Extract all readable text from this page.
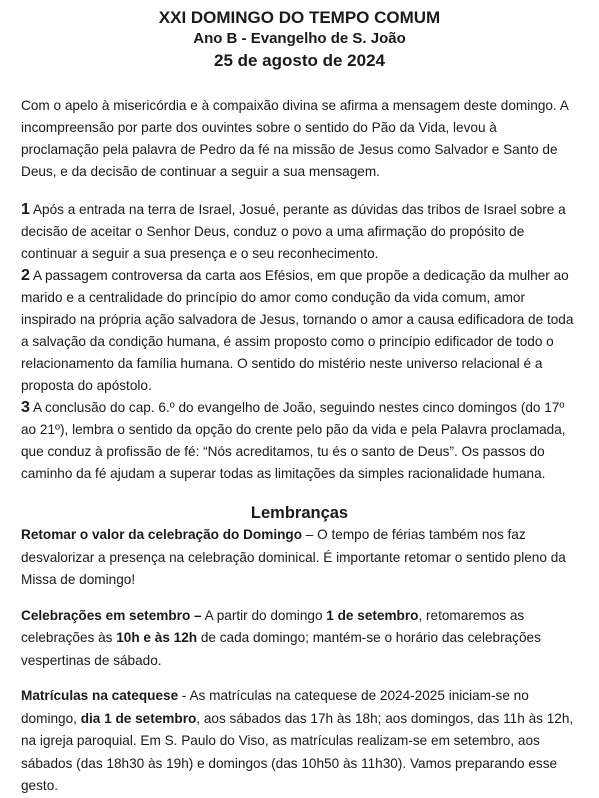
XXI DOMINGO DO TEMPO COMUM
Ano B - Evangelho de S. João
25 de agosto de 2024

Com o apelo à misericórdia e à compaixão divina se afirma a mensagem deste domingo. A incompreensão por parte dos ouvintes sobre o sentido do Pão da Vida, levou à proclamação pela palavra de Pedro da fé na missão de Jesus como Salvador e Santo de Deus, e da decisão de continuar a seguir a sua mensagem.

1 Após a entrada na terra de Israel, Josué, perante as dúvidas das tribos de Israel sobre a decisão de aceitar o Senhor Deus, conduz o povo a uma afirmação do propósito de continuar a seguir a sua presença e o seu reconhecimento.

2 A passagem controversa da carta aos Efésios, em que propõe a dedicação da mulher ao marido e a centralidade do princípio do amor como condução da vida comum, amor inspirado na própria ação salvadora de Jesus, tornando o amor a causa edificadora de toda a salvação da condição humana, é assim proposto como o princípio edificador de todo o relacionamento da família humana. O sentido do mistério neste universo relacional é a proposta do apóstolo.

3 A conclusão do cap. 6.º do evangelho de João, seguindo nestes cinco domingos (do 17º ao 21º), lembra o sentido da opção do crente pelo pão da vida e pela Palavra proclamada, que conduz à profissão de fé: “Nós acreditamos, tu és o santo de Deus”. Os passos do caminho da fé ajudam a superar todas as limitações da simples racionalidade humana.

Lembranças

Retomar o valor da celebração do Domingo – O tempo de férias também nos faz desvalorizar a presença na celebração dominical. É importante retomar o sentido pleno da Missa de domingo!

Celebrações em setembro – A partir do domingo 1 de setembro, retomaremos as celebrações às 10h e às 12h de cada domingo; mantém-se o horário das celebrações vespertinas de sábado.

Matrículas na catequese - As matrículas na catequese de 2024-2025 iniciam-se no domingo, dia 1 de setembro, aos sábados das 17h às 18h; aos domingos, das 11h às 12h, na igreja paroquial. Em S. Paulo do Viso, as matrículas realizam-se em setembro, aos sábados (das 18h30 às 19h) e domingos (das 10h50 às 11h30). Vamos preparando esse gesto.
